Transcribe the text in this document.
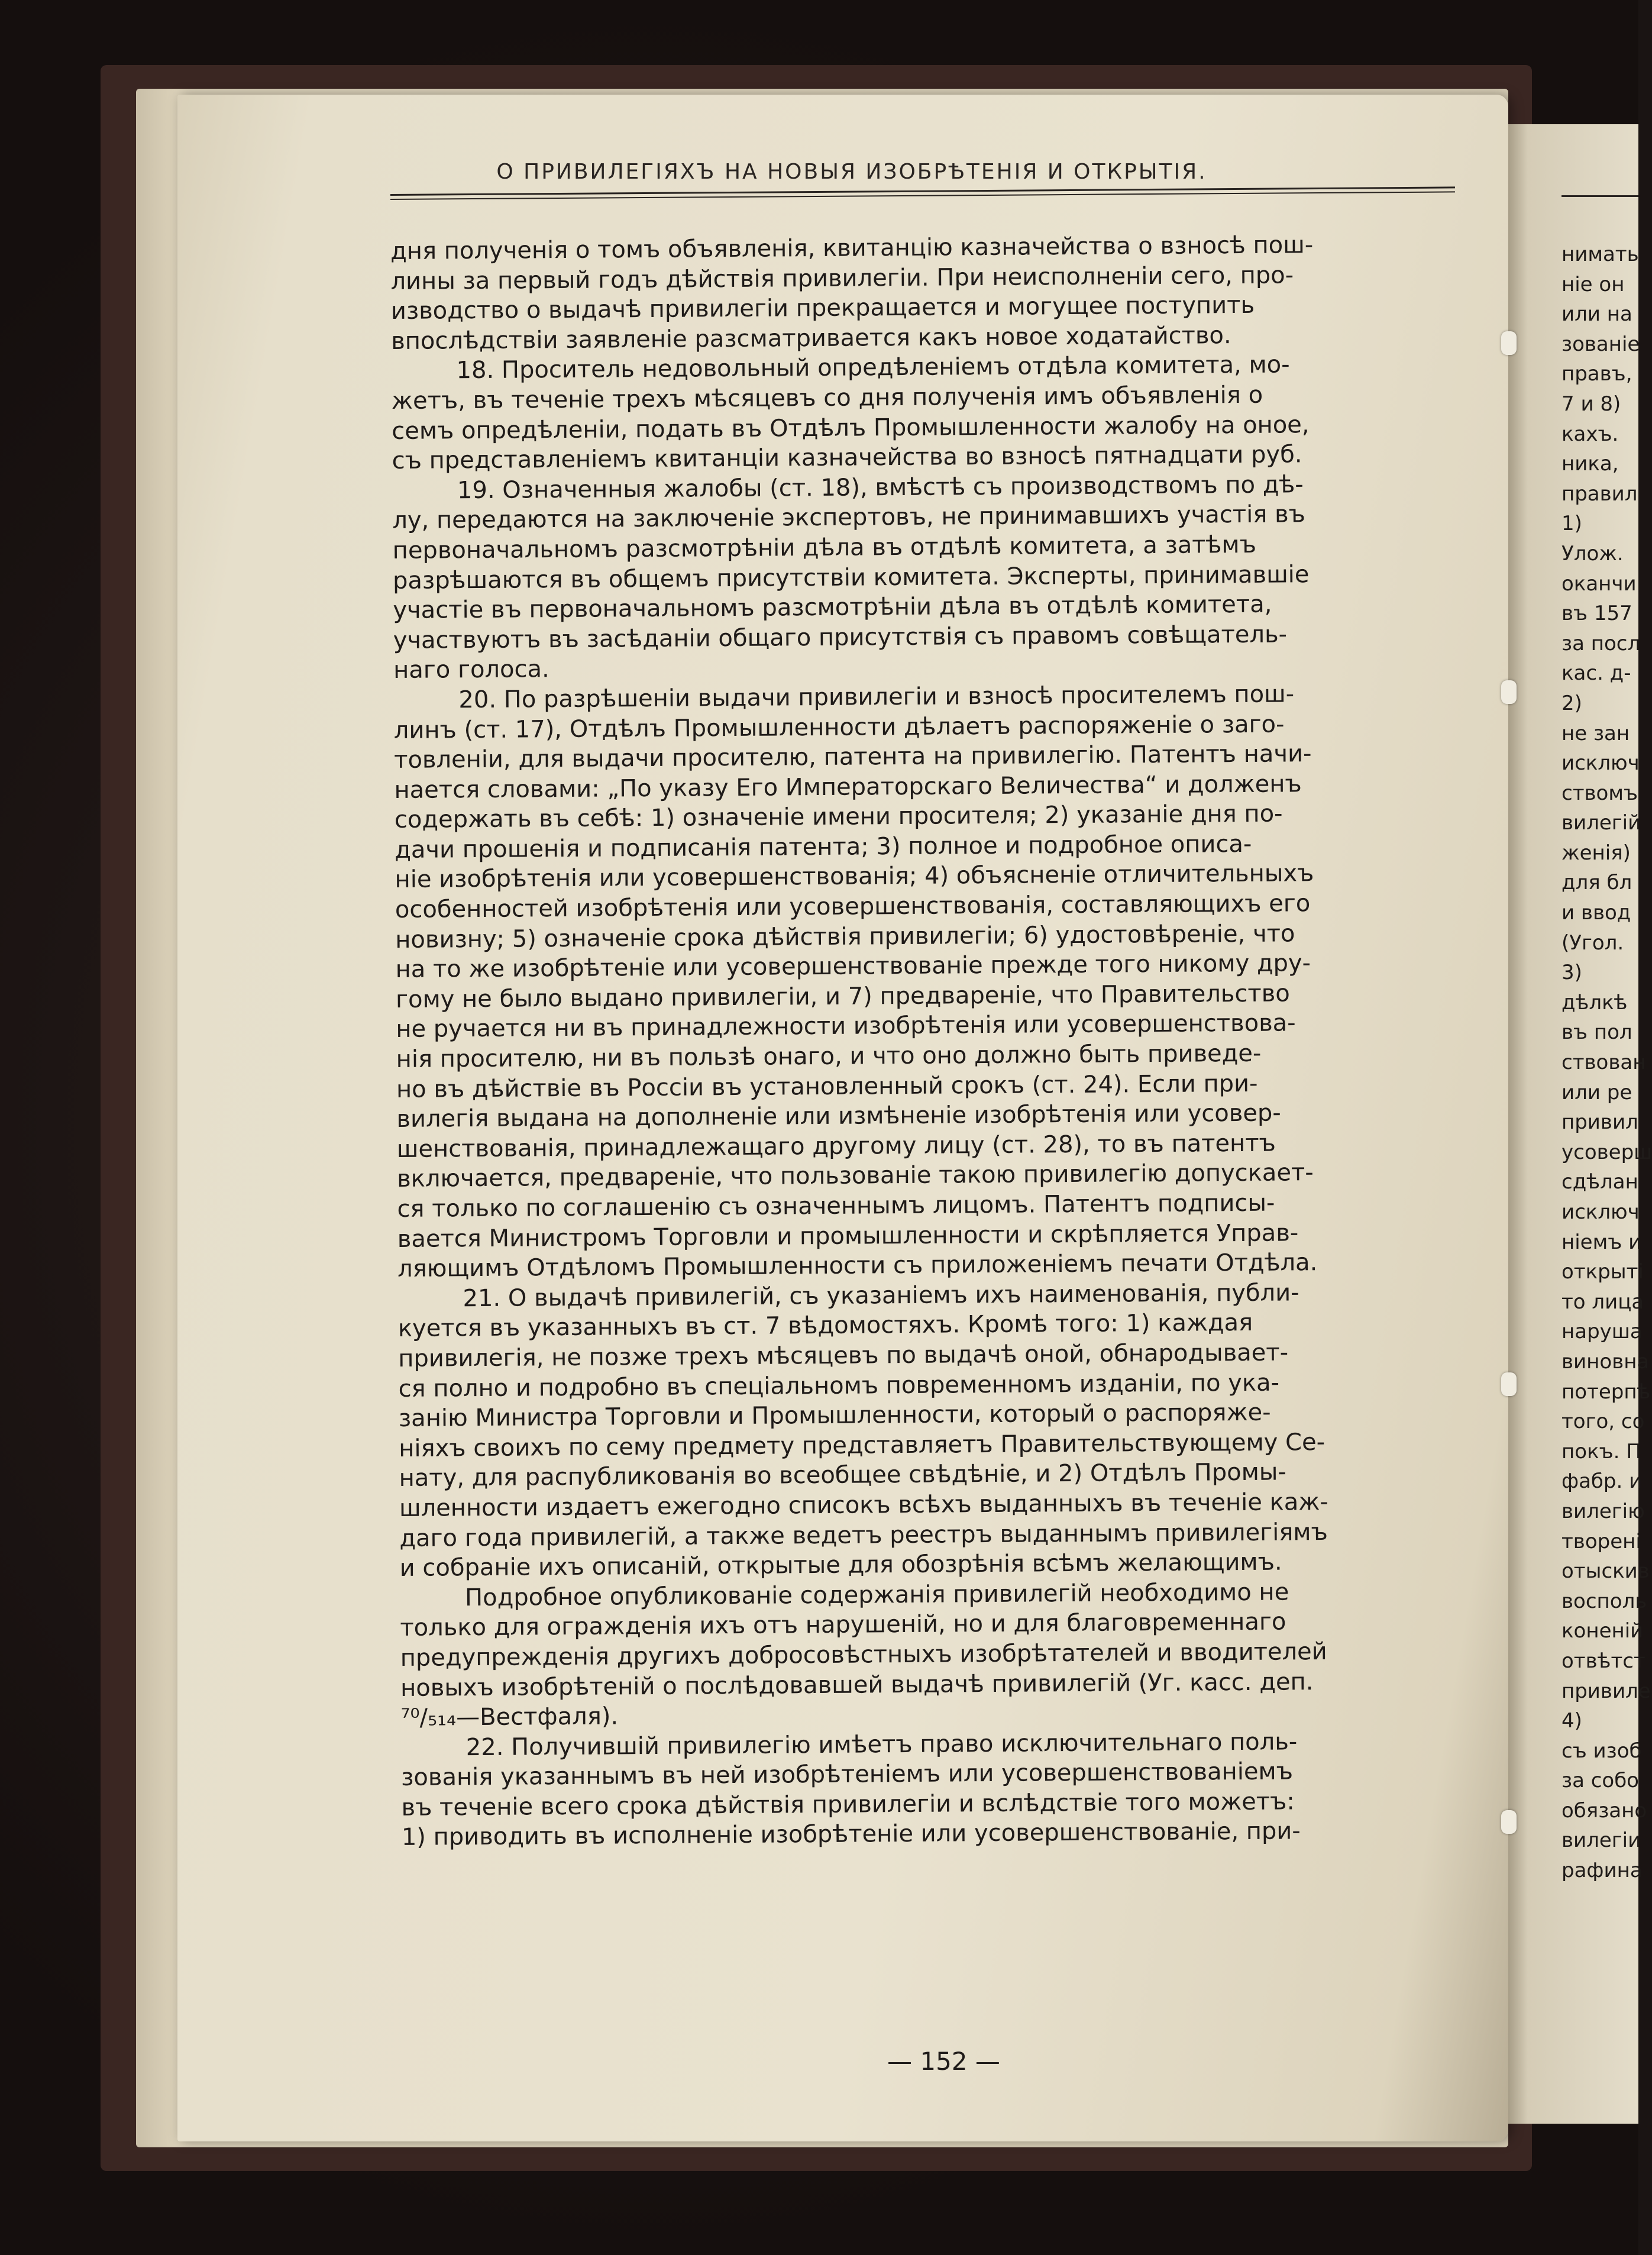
О ПРИВИЛЕГІЯХЪ НА НОВЫЯ ИЗОБРѢТЕНІЯ И ОТКРЫТІЯ.
дня полученія о томъ объявленія, квитанцію казначейства о взносѣ пош-
лины за первый годъ дѣйствія привилегіи. При неисполненіи сего, про-
изводство о выдачѣ привилегіи прекращается и могущее поступить
впослѣдствіи заявленіе разсматривается какъ новое ходатайство.
18. Проситель недовольный опредѣленіемъ отдѣла комитета, мо-
жетъ, въ теченіе трехъ мѣсяцевъ со дня полученія имъ объявленія о
семъ опредѣленіи, подать въ Отдѣлъ Промышленности жалобу на оное,
съ представленіемъ квитанціи казначейства во взносѣ пятнадцати руб.
19. Означенныя жалобы (ст. 18), вмѣстѣ съ производствомъ по дѣ-
лу, передаются на заключеніе экспертовъ, не принимавшихъ участія въ
первоначальномъ разсмотрѣніи дѣла въ отдѣлѣ комитета, а затѣмъ
разрѣшаются въ общемъ присутствіи комитета. Эксперты, принимавшіе
участіе въ первоначальномъ разсмотрѣніи дѣла въ отдѣлѣ комитета,
участвуютъ въ засѣданіи общаго присутствія съ правомъ совѣщатель-
наго голоса.
20. По разрѣшеніи выдачи привилегіи и взносѣ просителемъ пош-
линъ (ст. 17), Отдѣлъ Промышленности дѣлаетъ распоряженіе о заго-
товленіи, для выдачи просителю, патента на привилегію. Патентъ начи-
нается словами: „По указу Его Императорскаго Величества“ и долженъ
содержать въ себѣ: 1) означеніе имени просителя; 2) указаніе дня по-
дачи прошенія и подписанія патента; 3) полное и подробное описа-
ніе изобрѣтенія или усовершенствованія; 4) объясненіе отличительныхъ
особенностей изобрѣтенія или усовершенствованія, составляющихъ его
новизну; 5) означеніе срока дѣйствія привилегіи; 6) удостовѣреніе, что
на то же изобрѣтеніе или усовершенствованіе прежде того никому дру-
гому не было выдано привилегіи, и 7) предвареніе, что Правительство
не ручается ни въ принадлежности изобрѣтенія или усовершенствова-
нія просителю, ни въ пользѣ онаго, и что оно должно быть приведе-
но въ дѣйствіе въ Россіи въ установленный срокъ (ст. 24). Если при-
вилегія выдана на дополненіе или измѣненіе изобрѣтенія или усовер-
шенствованія, принадлежащаго другому лицу (ст. 28), то въ патентъ
включается, предвареніе, что пользованіе такою привилегію допускает-
ся только по соглашенію съ означеннымъ лицомъ. Патентъ подписы-
вается Министромъ Торговли и промышленности и скрѣпляется Управ-
ляющимъ Отдѣломъ Промышленности съ приложеніемъ печати Отдѣла.
21. О выдачѣ привилегій, съ указаніемъ ихъ наименованія, публи-
куется въ указанныхъ въ ст. 7 вѣдомостяхъ. Кромѣ того: 1) каждая
привилегія, не позже трехъ мѣсяцевъ по выдачѣ оной, обнародывает-
ся полно и подробно въ спеціальномъ повременномъ изданіи, по ука-
занію Министра Торговли и Промышленности, который о распоряже-
ніяхъ своихъ по сему предмету представляетъ Правительствующему Се-
нату, для распубликованія во всеобщее свѣдѣніе, и 2) Отдѣлъ Промы-
шленности издаетъ ежегодно списокъ всѣхъ выданныхъ въ теченіе каж-
даго года привилегій, а также ведетъ реестръ выданнымъ привилегіямъ
и собраніе ихъ описаній, открытые для обозрѣнія всѣмъ желающимъ.
Подробное опубликованіе содержанія привилегій необходимо не
только для огражденія ихъ отъ нарушеній, но и для благовременнаго
предупрежденія другихъ добросовѣстныхъ изобрѣтателей и вводителей
новыхъ изобрѣтеній о послѣдовавшей выдачѣ привилегій (Уг. касс. деп.
⁷⁰/₅₁₄—Вестфаля).
22. Получившій привилегію имѣетъ право исключительнаго поль-
зованія указаннымъ въ ней изобрѣтеніемъ или усовершенствованіемъ
въ теченіе всего срока дѣйствія привилегіи и вслѣдствіе того можетъ:
1) приводить въ исполненіе изобрѣтеніе или усовершенствованіе, при-
— 152 —
нимать
ніе он
или на
зованіе
правъ,
7 и 8)
кахъ.
ника,
правил
1)
Улож.
оканчи
въ 157
за посл
кас. д-
2)
не зан
исключ
ствомъ
вилегій
женія)
для бл
и ввод
(Угол.
3)
дѣлкѣ
въ пол
ствован
или ре
привил
усоверш
сдѣлан
исключ
ніемъ и
открыті
то лица
наруша
виновна
потерпѣ
того, со
покъ. П
фабр. и
вилегію
творені
отыскив
восполь
коненій
отвѣтст
привиле
4)
съ изоб
за собо
обязано
вилегіи
рафина
